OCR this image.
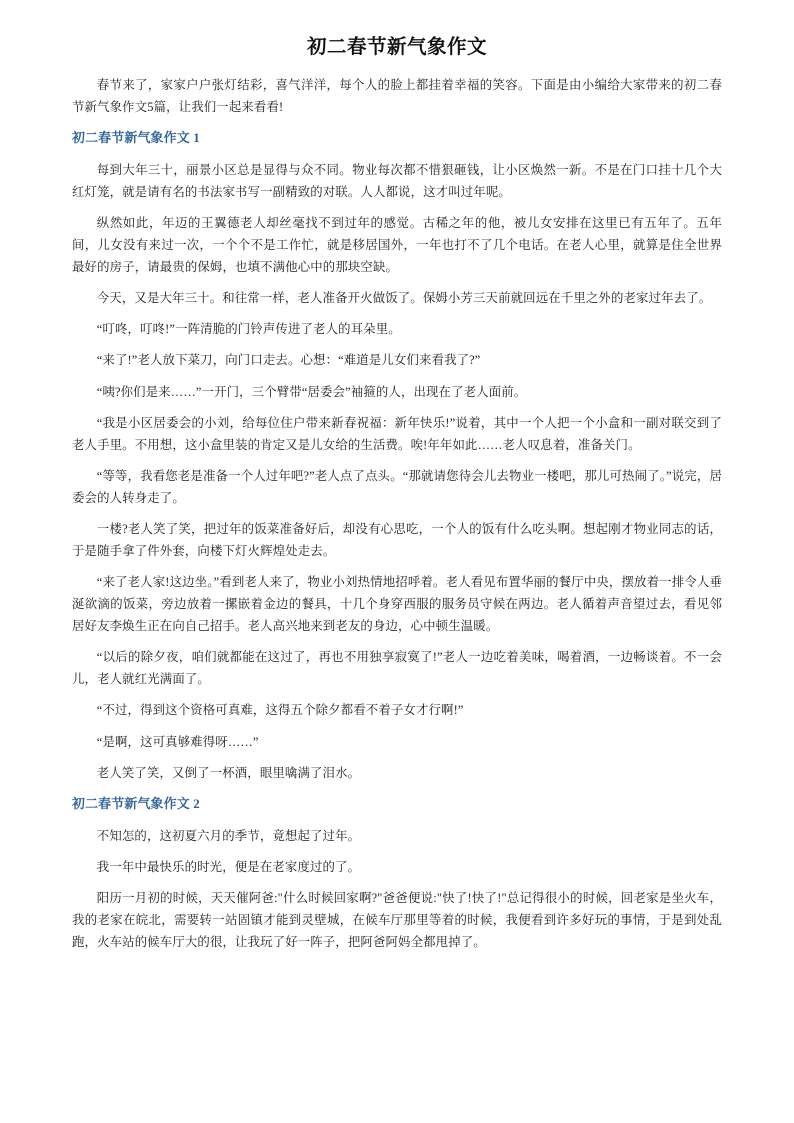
初二春节新气象作文

春节来了，家家户户张灯结彩，喜气洋洋，每个人的脸上都挂着幸福的笑容。下面是由小编给大家带来的初二春节新气象作文5篇，让我们一起来看看!

初二春节新气象作文 1

每到大年三十，丽景小区总是显得与众不同。物业每次都不惜狠砸钱，让小区焕然一新。不是在门口挂十几个大红灯笼，就是请有名的书法家书写一副精致的对联。人人都说，这才叫过年呢。

纵然如此，年迈的王翼德老人却丝毫找不到过年的感觉。古稀之年的他，被儿女安排在这里已有五年了。五年间，儿女没有来过一次，一个个不是工作忙，就是移居国外，一年也打不了几个电话。在老人心里，就算是住全世界最好的房子，请最贵的保姆，也填不满他心中的那块空缺。

今天，又是大年三十。和往常一样，老人准备开火做饭了。保姆小芳三天前就回远在千里之外的老家过年去了。

“叮咚，叮咚!”一阵清脆的门铃声传进了老人的耳朵里。

“来了!”老人放下菜刀，向门口走去。心想：“难道是儿女们来看我了?”

“咦?你们是来……”一开门，三个臂带“居委会”袖箍的人，出现在了老人面前。

“我是小区居委会的小刘，给每位住户带来新春祝福：新年快乐!”说着，其中一个人把一个小盒和一副对联交到了老人手里。不用想，这小盒里装的肯定又是儿女给的生活费。唉!年年如此……老人叹息着，准备关门。

“等等，我看您老是准备一个人过年吧?”老人点了点头。“那就请您待会儿去物业一楼吧，那儿可热闹了。”说完，居委会的人转身走了。

一楼?老人笑了笑，把过年的饭菜准备好后，却没有心思吃，一个人的饭有什么吃头啊。想起刚才物业同志的话，于是随手拿了件外套，向楼下灯火辉煌处走去。

“来了老人家!这边坐。”看到老人来了，物业小刘热情地招呼着。老人看见布置华丽的餐厅中央，摆放着一排令人垂涎欲滴的饭菜，旁边放着一摞嵌着金边的餐具，十几个身穿西服的服务员守候在两边。老人循着声音望过去，看见邻居好友李焕生正在向自己招手。老人高兴地来到老友的身边，心中顿生温暖。

“以后的除夕夜，咱们就都能在这过了，再也不用独享寂寞了!”老人一边吃着美味，喝着酒，一边畅谈着。不一会儿，老人就红光满面了。

“不过，得到这个资格可真难，这得五个除夕都看不着子女才行啊!”

“是啊，这可真够难得呀……”

老人笑了笑，又倒了一杯酒，眼里噙满了泪水。

初二春节新气象作文 2

不知怎的，这初夏六月的季节，竟想起了过年。

我一年中最快乐的时光，便是在老家度过的了。

阳历一月初的时候，天天催阿爸:"什么时候回家啊?"爸爸便说:"快了!快了!"总记得很小的时候，回老家是坐火车，我的老家在皖北，需要转一站固镇才能到灵壁城，在候车厅那里等着的时候，我便看到许多好玩的事情，于是到处乱跑，火车站的候车厅大的很，让我玩了好一阵子，把阿爸阿妈全都甩掉了。
